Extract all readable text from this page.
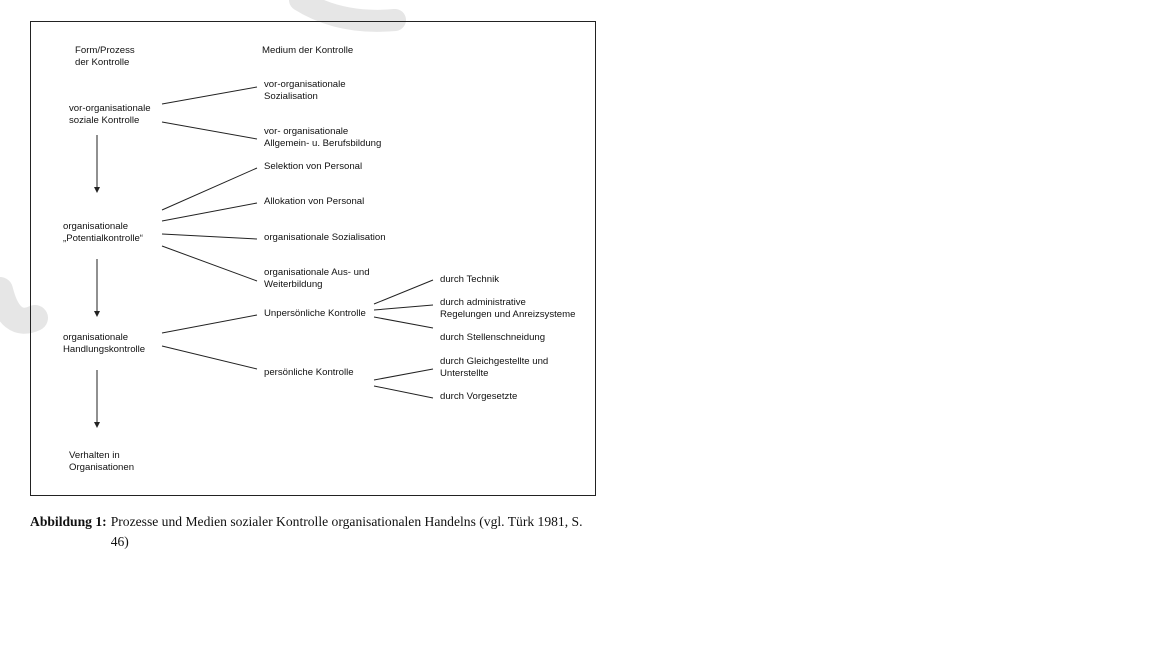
Form/Prozess
der Kontrolle
Medium der Kontrolle
vor-organisationale
soziale Kontrolle
organisationale
„Potentialkontrolle“
organisationale
Handlungskontrolle
Verhalten in
Organisationen
vor-organisationale
Sozialisation
vor- organisationale
Allgemein- u. Berufsbildung
Selektion von Personal
Allokation von Personal
organisationale Sozialisation
organisationale Aus- und
Weiterbildung
Unpersönliche Kontrolle
persönliche Kontrolle
durch Technik
durch administrative
Regelungen und Anreizsysteme
durch Stellenschneidung
durch Gleichgestellte und
Unterstellte
durch Vorgesetzte
Abbildung 1: Prozesse und Medien sozialer Kontrolle organisationalen Handelns (vgl. Türk 1981, S. 46)
